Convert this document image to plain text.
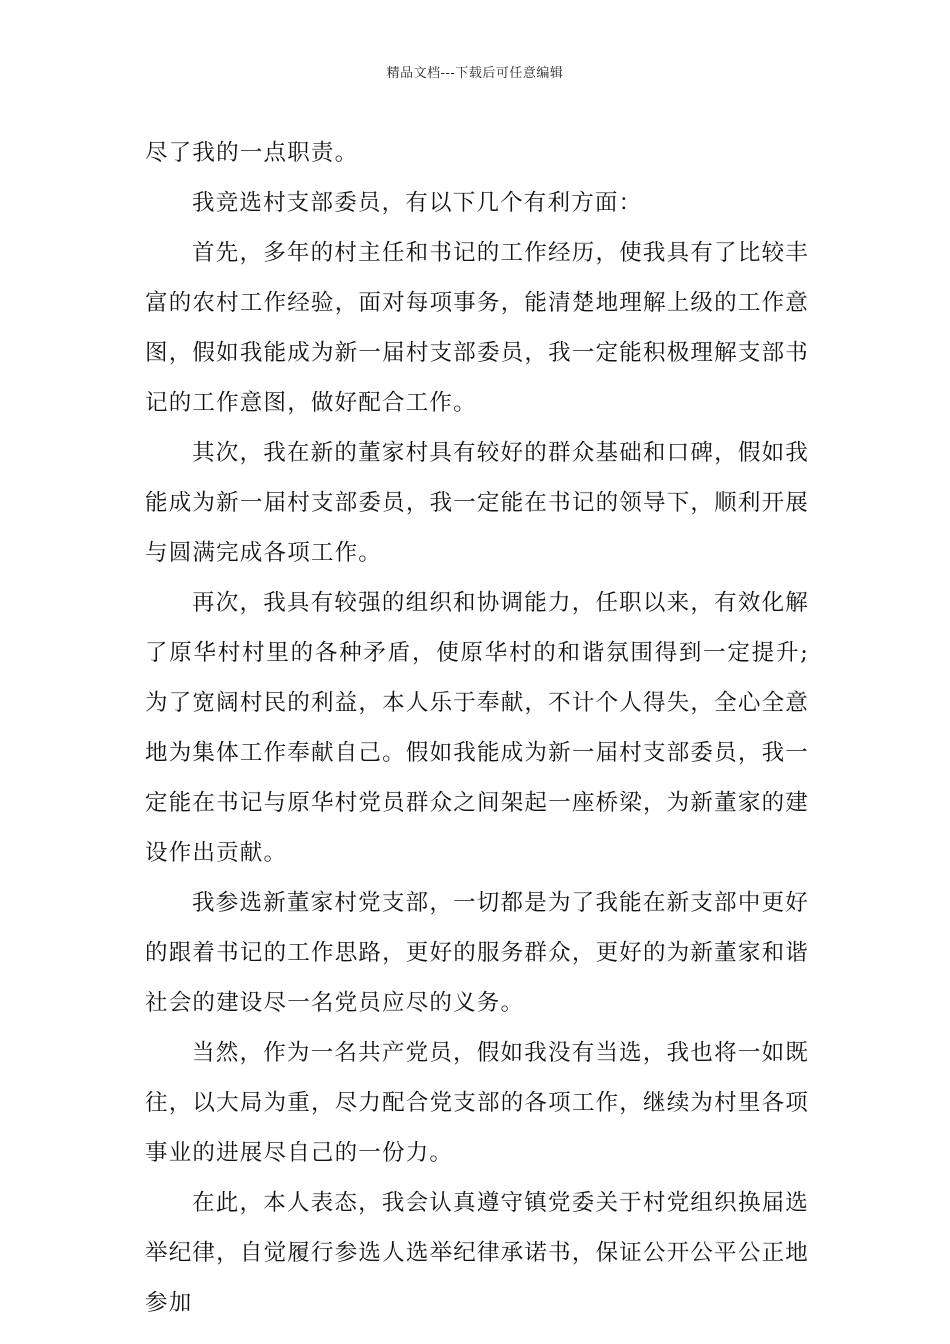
精品文档---下载后可任意编辑

尽了我的一点职责。

我竞选村支部委员，有以下几个有利方面：

首先，多年的村主任和书记的工作经历，使我具有了比较丰富的农村工作经验，面对每项事务，能清楚地理解上级的工作意图，假如我能成为新一届村支部委员，我一定能积极理解支部书记的工作意图，做好配合工作。

其次，我在新的董家村具有较好的群众基础和口碑，假如我能成为新一届村支部委员，我一定能在书记的领导下，顺利开展与圆满完成各项工作。

再次，我具有较强的组织和协调能力，任职以来，有效化解了原华村村里的各种矛盾，使原华村的和谐氛围得到一定提升;为了宽阔村民的利益，本人乐于奉献，不计个人得失，全心全意地为集体工作奉献自己。假如我能成为新一届村支部委员，我一定能在书记与原华村党员群众之间架起一座桥梁，为新董家的建设作出贡献。

我参选新董家村党支部，一切都是为了我能在新支部中更好的跟着书记的工作思路，更好的服务群众，更好的为新董家和谐社会的建设尽一名党员应尽的义务。

当然，作为一名共产党员，假如我没有当选，我也将一如既往，以大局为重，尽力配合党支部的各项工作，继续为村里各项事业的进展尽自己的一份力。

在此，本人表态，我会认真遵守镇党委关于村党组织换届选举纪律，自觉履行参选人选举纪律承诺书，保证公开公平公正地参加
